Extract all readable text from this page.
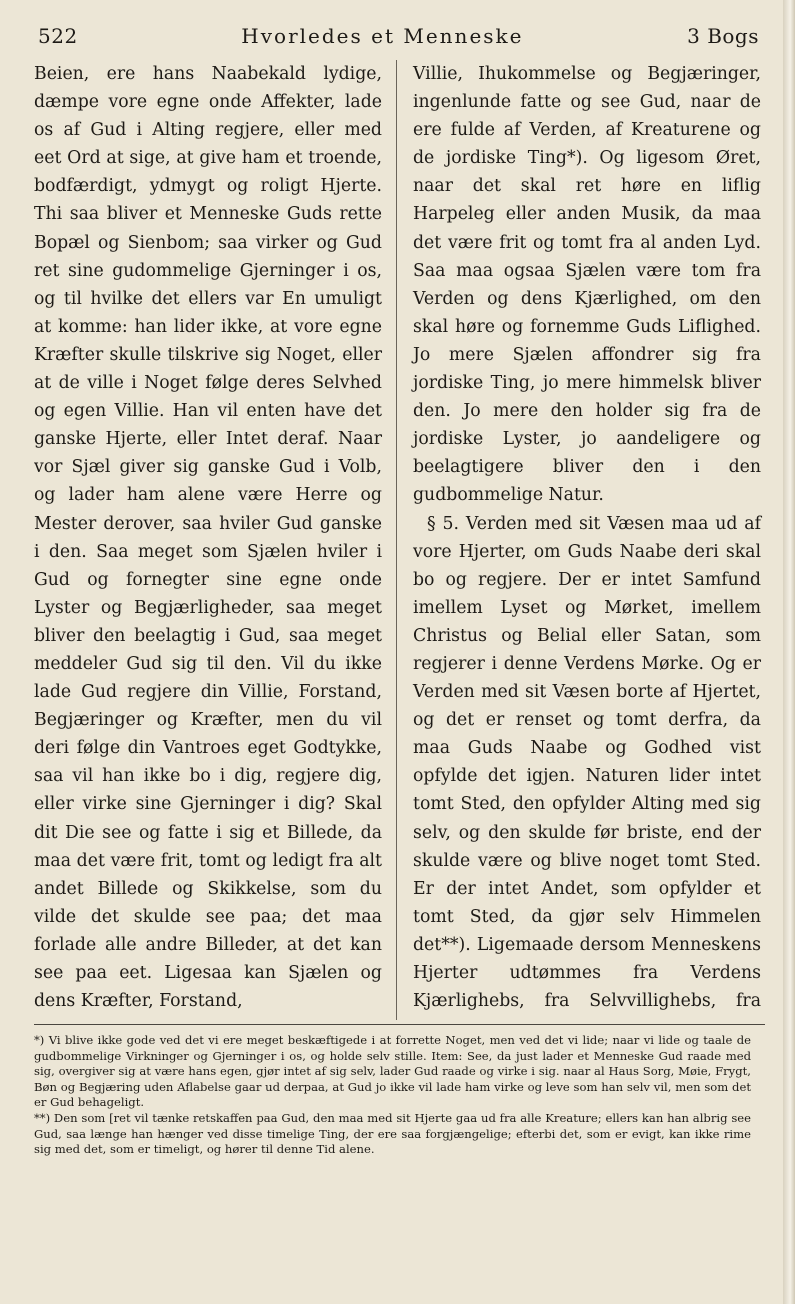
522	Hvorledes et Menneske	3 Bogs

Beien, ere hans Naabekald lydige, dæmpe vore egne onde Affekter, lade os af Gud i Alting regjere, eller med eet Ord at sige, at give ham et troende, bodfærdigt, ydmygt og roligt Hjerte. Thi saa bliver et Menneske Guds rette Bopæl og Sienbom; saa virker og Gud ret sine gudommelige Gjerninger i os, og til hvilke det ellers var En umuligt at komme: han lider ikke, at vore egne Kræfter skulle tilskrive sig Noget, eller at de ville i Noget følge deres Selvhed og egen Villie. Han vil enten have det ganske Hjerte, eller Intet deraf. Naar vor Sjæl giver sig ganske Gud i Volb, og lader ham alene være Herre og Mester derover, saa hviler Gud ganske i den. Saa meget som Sjælen hviler i Gud og fornegter sine egne onde Lyster og Begjærligheder, saa meget bliver den beelagtig i Gud, saa meget meddeler Gud sig til den. Vil du ikke lade Gud regjere din Villie, Forstand, Begjæringer og Kræfter, men du vil deri følge din Vantroes eget Godtykke, saa vil han ikke bo i dig, regjere dig, eller virke sine Gjerninger i dig? Skal dit Die see og fatte i sig et Billede, da maa det være frit, tomt og ledigt fra alt andet Billede og Skikkelse, som du vilde det skulde see paa; det maa forlade alle andre Billeder, at det kan see paa eet. Ligesaa kan Sjælen og dens Kræfter, Forstand,

Villie, Ihukommelse og Begjæringer, ingenlunde fatte og see Gud, naar de ere fulde af Verden, af Kreaturene og de jordiske Ting*). Og ligesom Øret, naar det skal ret høre en liflig Harpeleg eller anden Musik, da maa det være frit og tomt fra al anden Lyd. Saa maa ogsaa Sjælen være tom fra Verden og dens Kjærlighed, om den skal høre og fornemme Guds Liflighed. Jo mere Sjælen affondrer sig fra jordiske Ting, jo mere himmelsk bliver den. Jo mere den holder sig fra de jordiske Lyster, jo aandeligere og beelagtigere bliver den i den gudbommelige Natur.

§ 5. Verden med sit Væsen maa ud af vore Hjerter, om Guds Naabe deri skal bo og regjere. Der er intet Samfund imellem Lyset og Mørket, imellem Christus og Belial eller Satan, som regjerer i denne Verdens Mørke. Og er Verden med sit Væsen borte af Hjertet, og det er renset og tomt derfra, da maa Guds Naabe og Godhed vist opfylde det igjen. Naturen lider intet tomt Sted, den opfylder Alting med sig selv, og den skulde før briste, end der skulde være og blive noget tomt Sted. Er der intet Andet, som opfylder et tomt Sted, da gjør selv Himmelen det**). Ligemaade dersom Menneskens Hjerter udtømmes fra Verdens Kjærlighebs, fra Selvvillighebs, fra

*) Vi blive ikke gode ved det vi ere meget beskæftigede i at forrette Noget, men ved det vi lide; naar vi lide og taale de gudbommelige Virkninger og Gjerninger i os, og holde selv stille. Item: See, da just lader et Menneske Gud raade med sig, overgiver sig at være hans egen, gjør intet af sig selv, lader Gud raade og virke i sig. naar al Haus Sorg, Møie, Frygt, Bøn og Begjæring uden Aflabelse gaar ud derpaa, at Gud jo ikke vil lade ham virke og leve som han selv vil, men som det er Gud behageligt.

**) Den som [ret vil tænke retskaffen paa Gud, den maa med sit Hjerte gaa ud fra alle Kreature; ellers kan han albrig see Gud, saa længe han hænger ved disse timelige Ting, der ere saa forgjængelige; efterbi det, som er evigt, kan ikke rime sig med det, som er timeligt, og hører til denne Tid alene.
